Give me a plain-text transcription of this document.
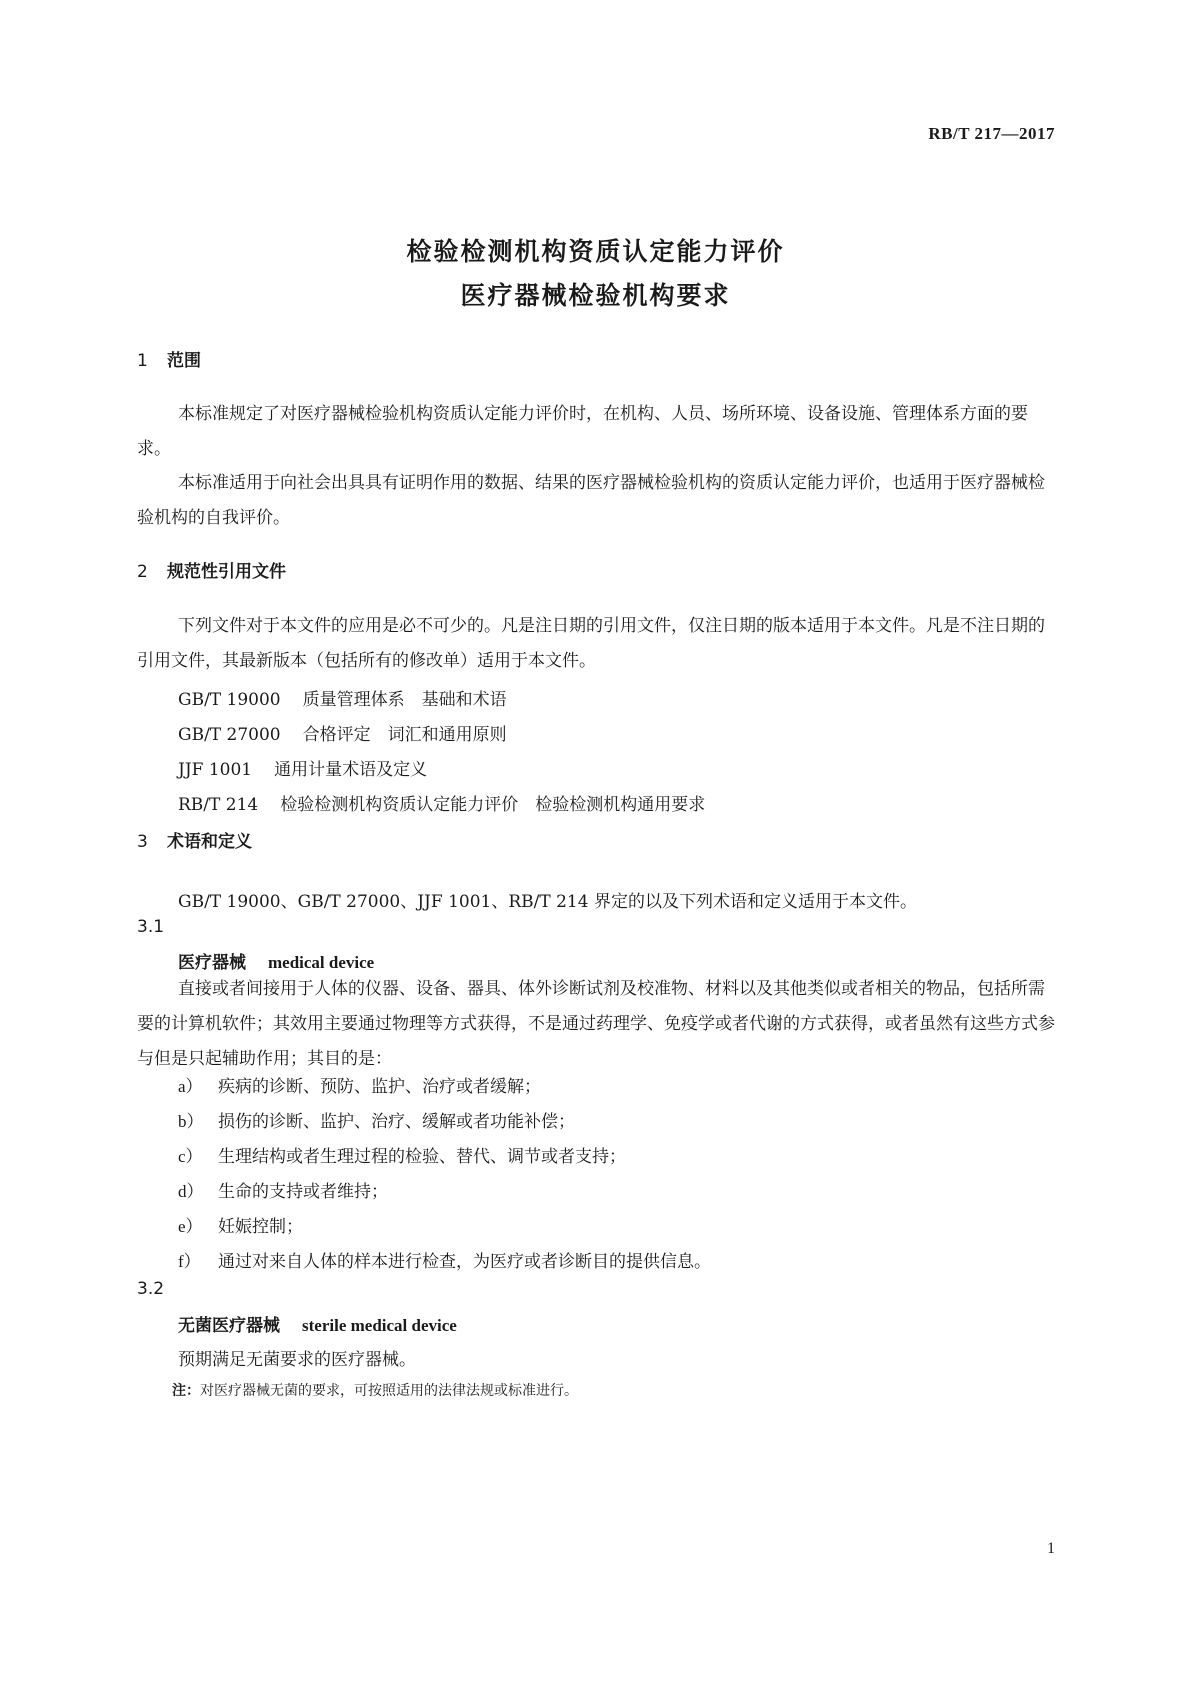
RB/T 217—2017
检验检测机构资质认定能力评价
医疗器械检验机构要求
1 范围
本标准规定了对医疗器械检验机构资质认定能力评价时，在机构、人员、场所环境、设备设施、管理体系方面的要求。
本标准适用于向社会出具具有证明作用的数据、结果的医疗器械检验机构的资质认定能力评价，也适用于医疗器械检验机构的自我评价。
2 规范性引用文件
下列文件对于本文件的应用是必不可少的。凡是注日期的引用文件，仅注日期的版本适用于本文件。凡是不注日期的引用文件，其最新版本（包括所有的修改单）适用于本文件。
GB/T 19000 质量管理体系　基础和术语
GB/T 27000 合格评定　词汇和通用原则
JJF 1001 通用计量术语及定义
RB/T 214 检验检测机构资质认定能力评价　检验检测机构通用要求
3 术语和定义
GB/T 19000、GB/T 27000、JJF 1001、RB/T 214 界定的以及下列术语和定义适用于本文件。
3.1
医疗器械 medical device
直接或者间接用于人体的仪器、设备、器具、体外诊断试剂及校准物、材料以及其他类似或者相关的物品，包括所需要的计算机软件；其效用主要通过物理等方式获得，不是通过药理学、免疫学或者代谢的方式获得，或者虽然有这些方式参与但是只起辅助作用；其目的是：
a） 疾病的诊断、预防、监护、治疗或者缓解；
b） 损伤的诊断、监护、治疗、缓解或者功能补偿；
c） 生理结构或者生理过程的检验、替代、调节或者支持；
d） 生命的支持或者维持；
e） 妊娠控制；
f） 通过对来自人体的样本进行检查，为医疗或者诊断目的提供信息。
3.2
无菌医疗器械 sterile medical device
预期满足无菌要求的医疗器械。
注：对医疗器械无菌的要求，可按照适用的法律法规或标准进行。
1
